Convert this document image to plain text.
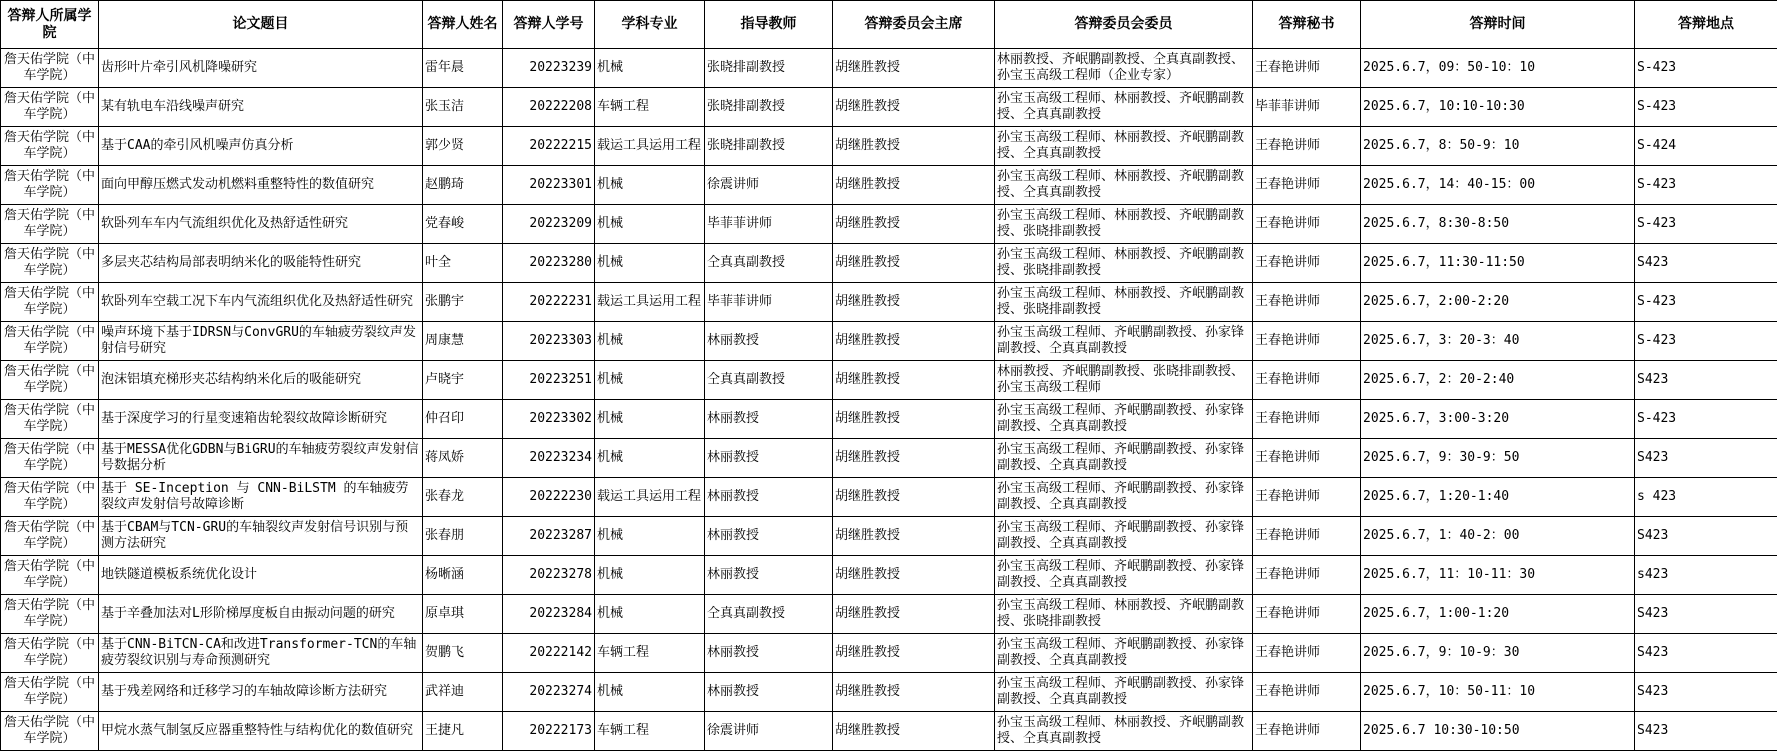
答辩人所属学院	论文题目	答辩人姓名	答辩人学号	学科专业	指导教师	答辩委员会主席	答辩委员会委员	答辩秘书	答辩时间	答辩地点
詹天佑学院（中车学院）	齿形叶片牵引风机降噪研究	雷年晨	20223239	机械	张晓排副教授	胡继胜教授	林丽教授、齐岷鹏副教授、仝真真副教授、孙宝玉高级工程师（企业专家）	王春艳讲师	2025.6.7，09：50-10：10	S-423
詹天佑学院（中车学院）	某有轨电车沿线噪声研究	张玉洁	20222208	车辆工程	张晓排副教授	胡继胜教授	孙宝玉高级工程师、林丽教授、齐岷鹏副教授、仝真真副教授	毕菲菲讲师	2025.6.7，10:10-10:30	S-423
詹天佑学院（中车学院）	基于CAA的牵引风机噪声仿真分析	郭少贤	20222215	载运工具运用工程	张晓排副教授	胡继胜教授	孙宝玉高级工程师、林丽教授、齐岷鹏副教授、仝真真副教授	王春艳讲师	2025.6.7，8：50-9：10	S-424
詹天佑学院（中车学院）	面向甲醇压燃式发动机燃料重整特性的数值研究	赵鹏琦	20223301	机械	徐震讲师	胡继胜教授	孙宝玉高级工程师、林丽教授、齐岷鹏副教授、仝真真副教授	王春艳讲师	2025.6.7，14：40-15：00	S-423
詹天佑学院（中车学院）	软卧列车车内气流组织优化及热舒适性研究	党春峻	20223209	机械	毕菲菲讲师	胡继胜教授	孙宝玉高级工程师、林丽教授、齐岷鹏副教授、张晓排副教授	王春艳讲师	2025.6.7，8:30-8:50	S-423
詹天佑学院（中车学院）	多层夹芯结构局部表明纳米化的吸能特性研究	叶全	20223280	机械	仝真真副教授	胡继胜教授	孙宝玉高级工程师、林丽教授、齐岷鹏副教授、张晓排副教授	王春艳讲师	2025.6.7，11:30-11:50	S423
詹天佑学院（中车学院）	软卧列车空载工况下车内气流组织优化及热舒适性研究	张鹏宇	20222231	载运工具运用工程	毕菲菲讲师	胡继胜教授	孙宝玉高级工程师、林丽教授、齐岷鹏副教授、张晓排副教授	王春艳讲师	2025.6.7，2:00-2:20	S-423
詹天佑学院（中车学院）	噪声环境下基于IDRSN与ConvGRU的车轴疲劳裂纹声发射信号研究	周康慧	20223303	机械	林丽教授	胡继胜教授	孙宝玉高级工程师、齐岷鹏副教授、孙家锋副教授、仝真真副教授	王春艳讲师	2025.6.7，3：20-3：40	S-423
詹天佑学院（中车学院）	泡沫铝填充梯形夹芯结构纳米化后的吸能研究	卢晓宇	20223251	机械	仝真真副教授	胡继胜教授	林丽教授、齐岷鹏副教授、张晓排副教授、孙宝玉高级工程师	王春艳讲师	2025.6.7，2：20-2:40	S423
詹天佑学院（中车学院）	基于深度学习的行星变速箱齿轮裂纹故障诊断研究	仲召印	20223302	机械	林丽教授	胡继胜教授	孙宝玉高级工程师、齐岷鹏副教授、孙家锋副教授、仝真真副教授	王春艳讲师	2025.6.7，3:00-3:20	S-423
詹天佑学院（中车学院）	基于MESSA优化GDBN与BiGRU的车轴疲劳裂纹声发射信号数据分析	蒋凤娇	20223234	机械	林丽教授	胡继胜教授	孙宝玉高级工程师、齐岷鹏副教授、孙家锋副教授、仝真真副教授	王春艳讲师	2025.6.7，9：30-9：50	S423
詹天佑学院（中车学院）	基于 SE-Inception 与 CNN-BiLSTM 的车轴疲劳裂纹声发射信号故障诊断	张春龙	20222230	载运工具运用工程	林丽教授	胡继胜教授	孙宝玉高级工程师、齐岷鹏副教授、孙家锋副教授、仝真真副教授	王春艳讲师	2025.6.7，1:20-1:40	s 423
詹天佑学院（中车学院）	基于CBAM与TCN-GRU的车轴裂纹声发射信号识别与预测方法研究	张春朋	20223287	机械	林丽教授	胡继胜教授	孙宝玉高级工程师、齐岷鹏副教授、孙家锋副教授、仝真真副教授	王春艳讲师	2025.6.7，1：40-2：00	S423
詹天佑学院（中车学院）	地铁隧道模板系统优化设计	杨晰涵	20223278	机械	林丽教授	胡继胜教授	孙宝玉高级工程师、齐岷鹏副教授、孙家锋副教授、仝真真副教授	王春艳讲师	2025.6.7，11：10-11：30	s423
詹天佑学院（中车学院）	基于辛叠加法对L形阶梯厚度板自由振动问题的研究	原卓琪	20223284	机械	仝真真副教授	胡继胜教授	孙宝玉高级工程师、林丽教授、齐岷鹏副教授、张晓排副教授	王春艳讲师	2025.6.7，1:00-1:20	S423
詹天佑学院（中车学院）	基于CNN-BiTCN-CA和改进Transformer-TCN的车轴疲劳裂纹识别与寿命预测研究	贺鹏飞	20222142	车辆工程	林丽教授	胡继胜教授	孙宝玉高级工程师、齐岷鹏副教授、孙家锋副教授、仝真真副教授	王春艳讲师	2025.6.7，9：10-9：30	S423
詹天佑学院（中车学院）	基于残差网络和迁移学习的车轴故障诊断方法研究	武祥迪	20223274	机械	林丽教授	胡继胜教授	孙宝玉高级工程师、齐岷鹏副教授、孙家锋副教授、仝真真副教授	王春艳讲师	2025.6.7，10：50-11：10	S423
詹天佑学院（中车学院）	甲烷水蒸气制氢反应器重整特性与结构优化的数值研究	王捷凡	20222173	车辆工程	徐震讲师	胡继胜教授	孙宝玉高级工程师、林丽教授、齐岷鹏副教授、仝真真副教授	王春艳讲师	2025.6.7 10:30-10:50	S423
